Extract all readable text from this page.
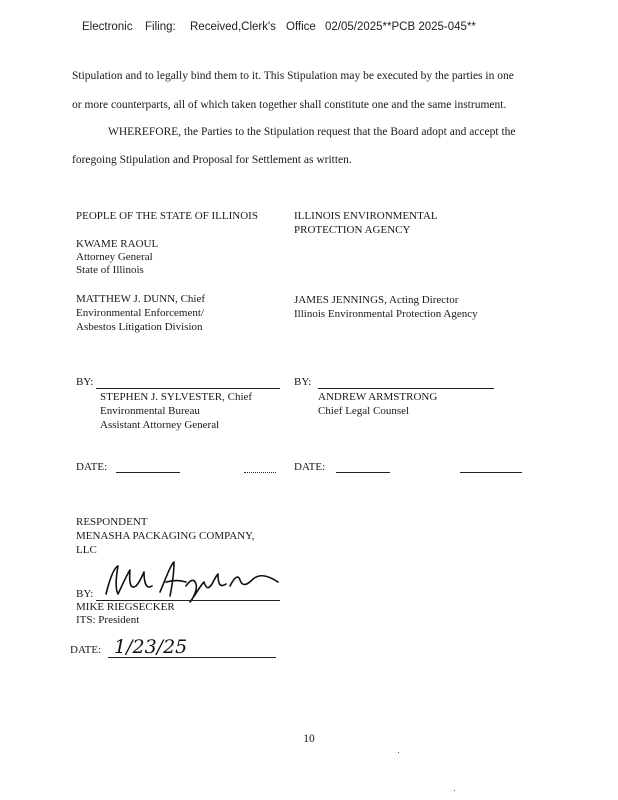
Electronic Filing: Received,Clerk's Office 02/05/2025**PCB 2025-045**
Stipulation and to legally bind them to it. This Stipulation may be executed by the parties in one
or more counterparts, all of which taken together shall constitute one and the same instrument.
WHEREFORE, the Parties to the Stipulation request that the Board adopt and accept the
foregoing Stipulation and Proposal for Settlement as written.
PEOPLE OF THE STATE OF ILLINOIS
KWAME RAOUL
Attorney General
State of Illinois
MATTHEW J. DUNN, Chief
Environmental Enforcement/
Asbestos Litigation Division
BY:
STEPHEN J. SYLVESTER, Chief
Environmental Bureau
Assistant Attorney General
DATE:
ILLINOIS ENVIRONMENTAL
PROTECTION AGENCY
JAMES JENNINGS, Acting Director
Illinois Environmental Protection Agency
BY:
ANDREW ARMSTRONG
Chief Legal Counsel
DATE:
RESPONDENT
MENASHA PACKAGING COMPANY,
LLC
BY:
MIKE RIEGSECKER
ITS: President
DATE: 1/23/25
10
